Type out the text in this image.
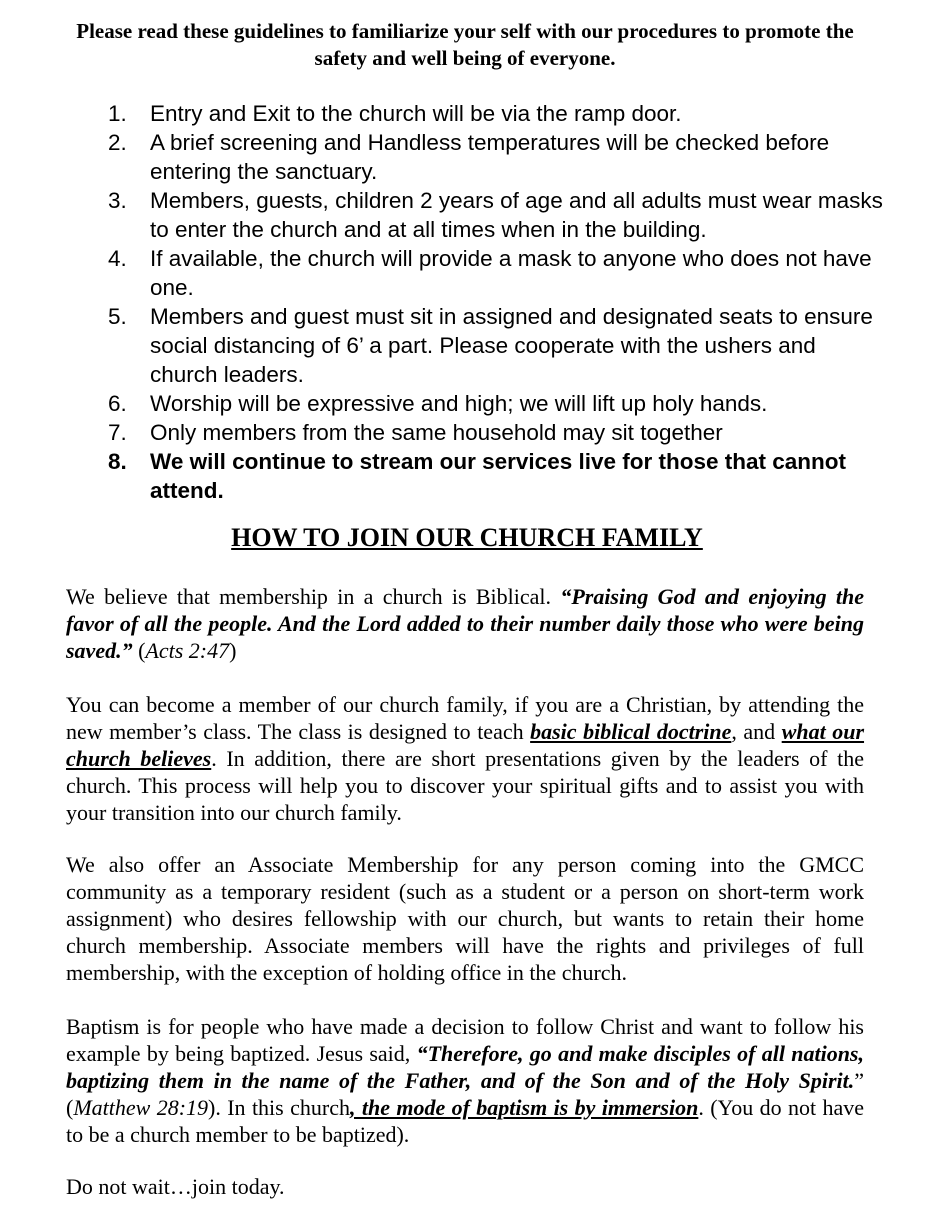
Please read these guidelines to familiarize your self with our procedures to promote the safety and well being of everyone.
1. Entry and Exit to the church will be via the ramp door.
2. A brief screening and Handless temperatures will be checked before entering the sanctuary.
3. Members, guests, children 2 years of age and all adults must wear masks to enter the church and at all times when in the building.
4. If available, the church will provide a mask to anyone who does not have one.
5. Members and guest must sit in assigned and designated seats to ensure social distancing of 6’ a part. Please cooperate with the ushers and church leaders.
6. Worship will be expressive and high; we will lift up holy hands.
7. Only members from the same household may sit together
8. We will continue to stream our services live for those that cannot attend.
HOW TO JOIN OUR CHURCH FAMILY

We believe that membership in a church is Biblical. “Praising God and enjoying the favor of all the people. And the Lord added to their number daily those who were being saved.” (Acts 2:47)

You can become a member of our church family, if you are a Christian, by attending the new member’s class. The class is designed to teach basic biblical doctrine, and what our church believes. In addition, there are short presentations given by the leaders of the church. This process will help you to discover your spiritual gifts and to assist you with your transition into our church family.

We also offer an Associate Membership for any person coming into the GMCC community as a temporary resident (such as a student or a person on short-term work assignment) who desires fellowship with our church, but wants to retain their home church membership. Associate members will have the rights and privileges of full membership, with the exception of holding office in the church.

Baptism is for people who have made a decision to follow Christ and want to follow his example by being baptized. Jesus said, “Therefore, go and make disciples of all nations, baptizing them in the name of the Father, and of the Son and of the Holy Spirit.” (Matthew 28:19). In this church, the mode of baptism is by immersion. (You do not have to be a church member to be baptized).

Do not wait…join today.
